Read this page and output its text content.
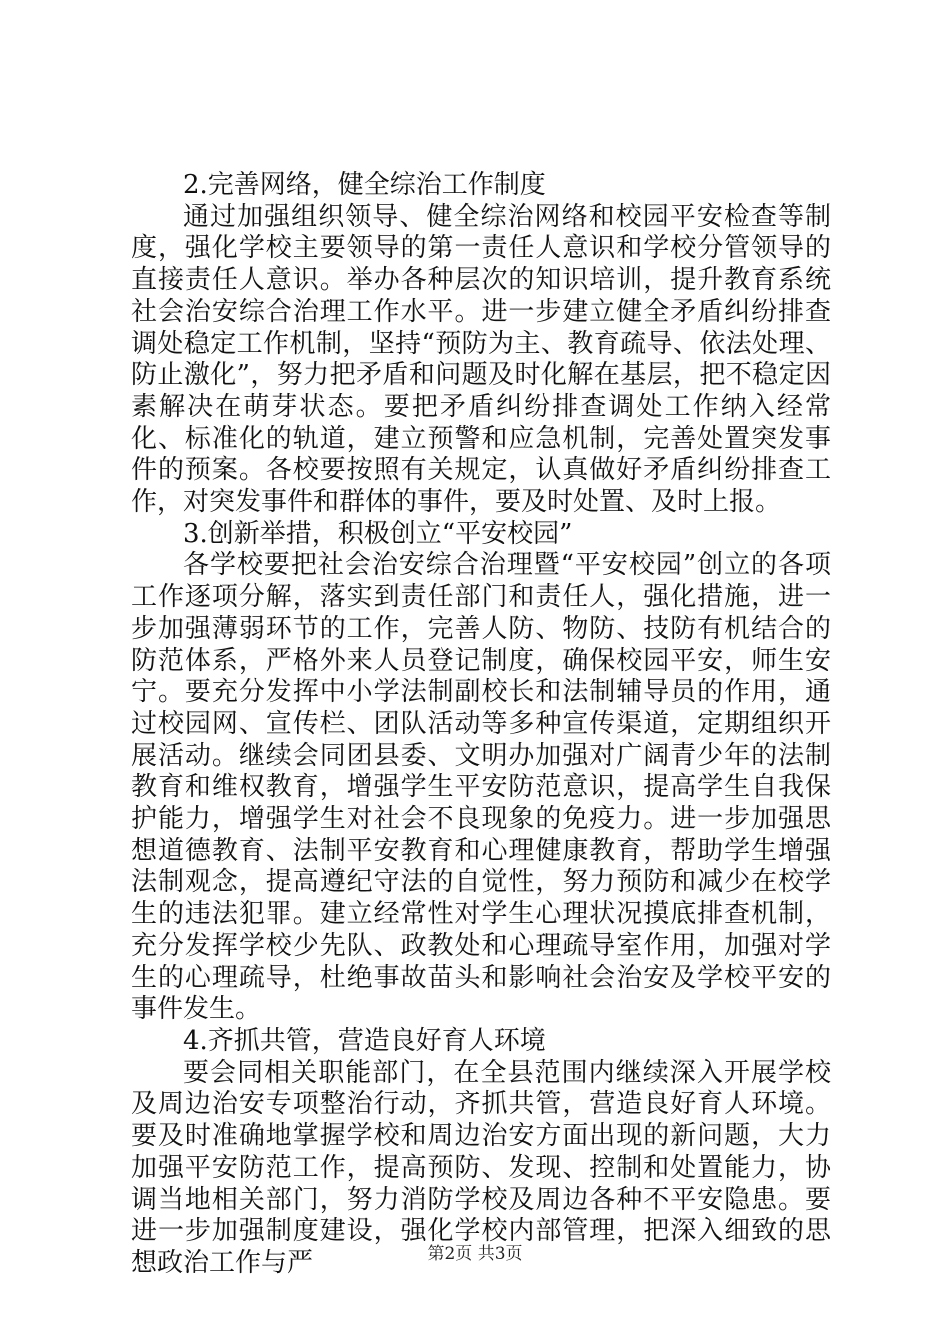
2.完善网络，健全综治工作制度

通过加强组织领导、健全综治网络和校园平安检查等制度，强化学校主要领导的第一责任人意识和学校分管领导的直接责任人意识。举办各种层次的知识培训，提升教育系统社会治安综合治理工作水平。进一步建立健全矛盾纠纷排查调处稳定工作机制，坚持“预防为主、教育疏导、依法处理、防止激化”，努力把矛盾和问题及时化解在基层，把不稳定因素解决在萌芽状态。要把矛盾纠纷排查调处工作纳入经常化、标准化的轨道，建立预警和应急机制，完善处置突发事件的预案。各校要按照有关规定，认真做好矛盾纠纷排查工作，对突发事件和群体的事件，要及时处置、及时上报。

3.创新举措，积极创立“平安校园”

各学校要把社会治安综合治理暨“平安校园”创立的各项工作逐项分解，落实到责任部门和责任人，强化措施，进一步加强薄弱环节的工作，完善人防、物防、技防有机结合的防范体系，严格外来人员登记制度，确保校园平安，师生安宁。要充分发挥中小学法制副校长和法制辅导员的作用，通过校园网、宣传栏、团队活动等多种宣传渠道，定期组织开展活动。继续会同团县委、文明办加强对广阔青少年的法制教育和维权教育，增强学生平安防范意识，提高学生自我保护能力，增强学生对社会不良现象的免疫力。进一步加强思想道德教育、法制平安教育和心理健康教育，帮助学生增强法制观念，提高遵纪守法的自觉性，努力预防和减少在校学生的违法犯罪。建立经常性对学生心理状况摸底排查机制，充分发挥学校少先队、政教处和心理疏导室作用，加强对学生的心理疏导，杜绝事故苗头和影响社会治安及学校平安的事件发生。

4.齐抓共管，营造良好育人环境

要会同相关职能部门，在全县范围内继续深入开展学校及周边治安专项整治行动，齐抓共管，营造良好育人环境。要及时准确地掌握学校和周边治安方面出现的新问题，大力加强平安防范工作，提高预防、发现、控制和处置能力，协调当地相关部门，努力消防学校及周边各种不平安隐患。要进一步加强制度建设，强化学校内部管理，把深入细致的思想政治工作与严	第2页 共3页
